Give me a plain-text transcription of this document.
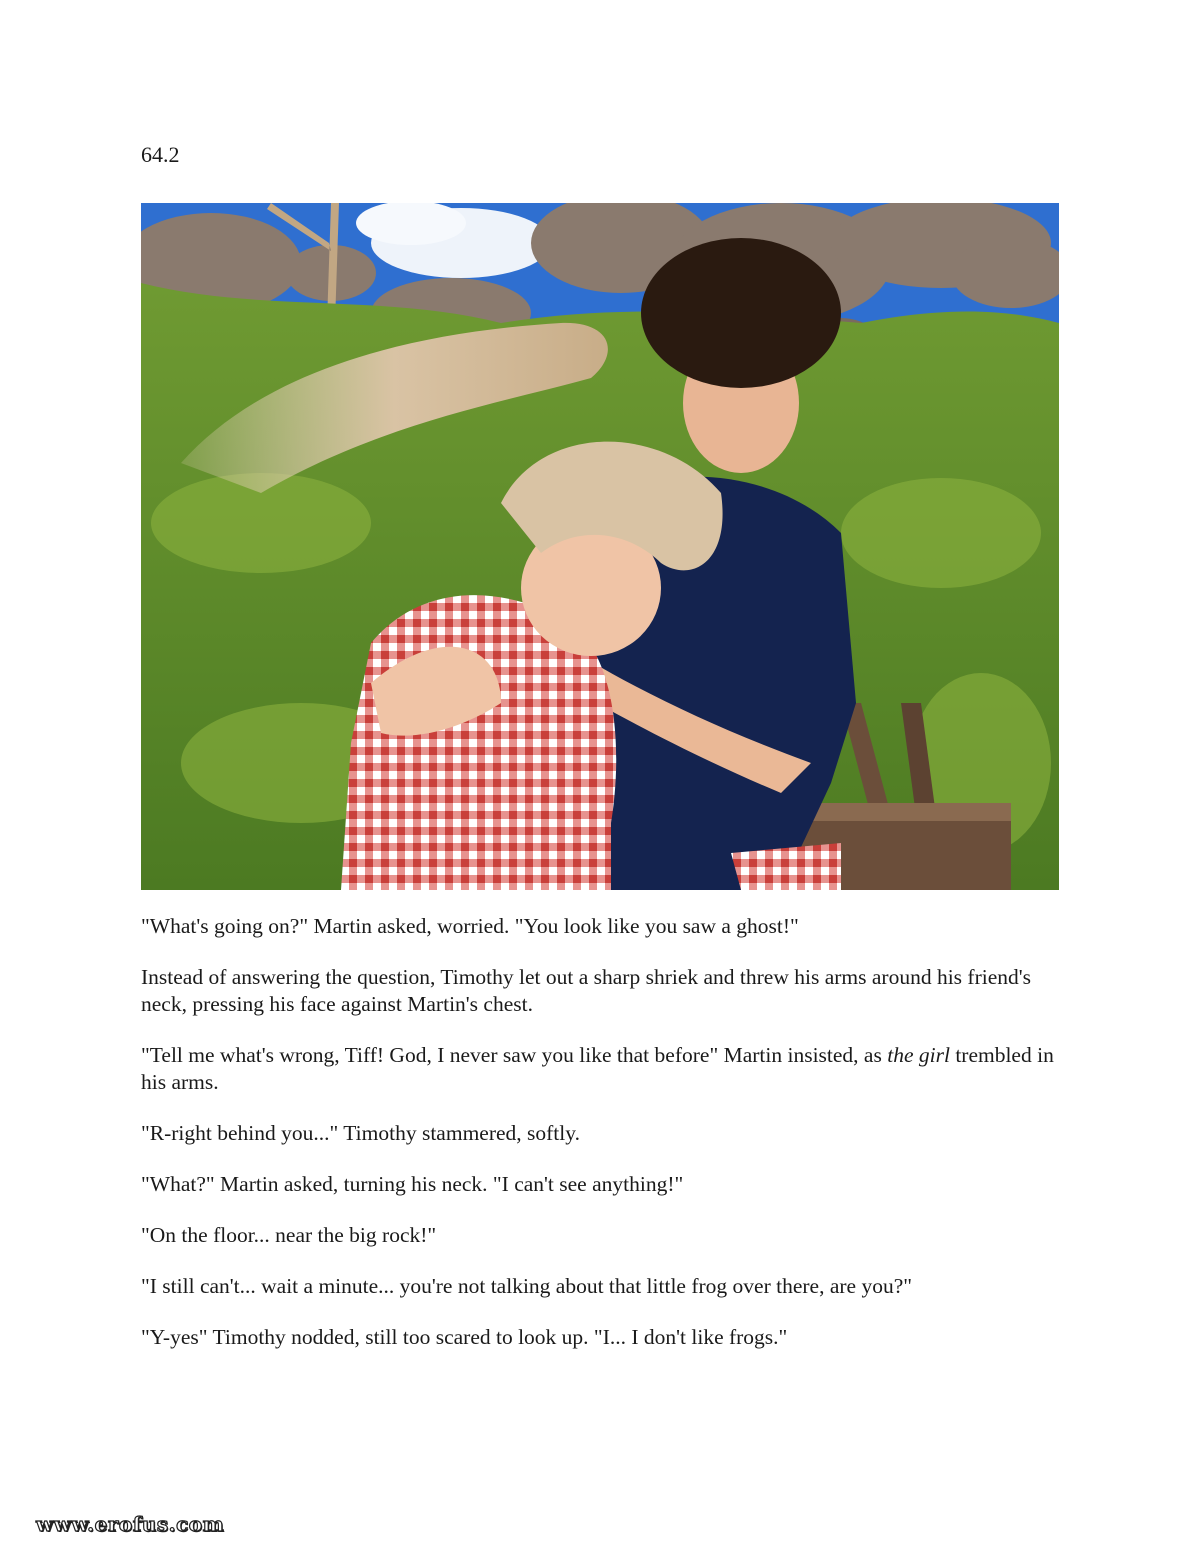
64.2

"What's going on?" Martin asked, worried. "You look like you saw a ghost!"

Instead of answering the question, Timothy let out a sharp shriek and threw his arms around his friend's neck, pressing his face against Martin's chest.

"Tell me what's wrong, Tiff! God, I never saw you like that before" Martin insisted, as the girl trembled in his arms.

"R-right behind you..." Timothy stammered, softly.

"What?" Martin asked, turning his neck. "I can't see anything!"

"On the floor... near the big rock!"

"I still can't... wait a minute... you're not talking about that little frog over there, are you?"

"Y-yes" Timothy nodded, still too scared to look up. "I... I don't like frogs."

www.erofus.com
